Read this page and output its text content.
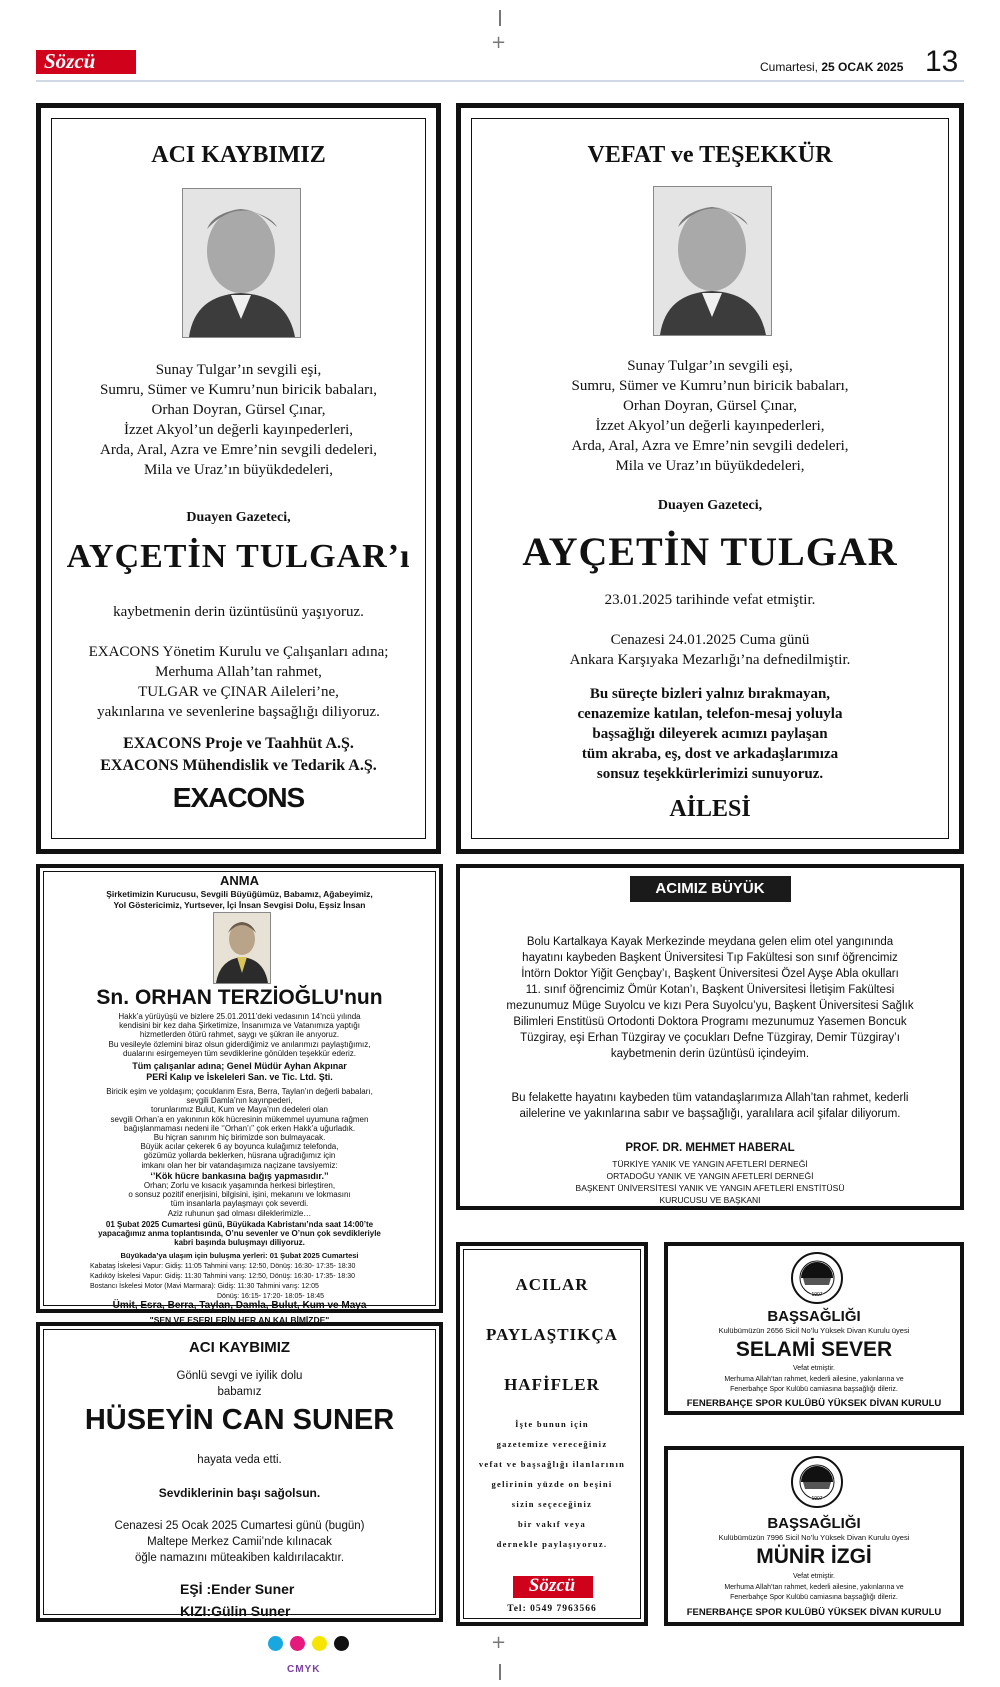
+
Sözcü	Cumartesi, 25 OCAK 2025 13
ACI KAYBIMIZ
Sunay Tulgar’ın sevgili eşi,
Sumru, Sümer ve Kumru’nun biricik babaları,
Orhan Doyran, Gürsel Çınar,
İzzet Akyol’un değerli kayınpederleri,
Arda, Aral, Azra ve Emre’nin sevgili dedeleri,
Mila ve Uraz’ın büyükdedeleri,
Duayen Gazeteci,
AYÇETİN TULGAR’ı
kaybetmenin derin üzüntüsünü yaşıyoruz.
EXACONS Yönetim Kurulu ve Çalışanları adına;
Merhuma Allah’tan rahmet,
TULGAR ve ÇINAR Aileleri’ne,
yakınlarına ve sevenlerine başsağlığı diliyoruz.
EXACONS Proje ve Taahhüt A.Ş.
EXACONS Mühendislik ve Tedarik A.Ş.
EXACONS
VEFAT ve TEŞEKKÜR
Sunay Tulgar’ın sevgili eşi,
Sumru, Sümer ve Kumru’nun biricik babaları,
Orhan Doyran, Gürsel Çınar,
İzzet Akyol’un değerli kayınpederleri,
Arda, Aral, Azra ve Emre’nin sevgili dedeleri,
Mila ve Uraz’ın büyükdedeleri,
Duayen Gazeteci,
AYÇETİN TULGAR
23.01.2025 tarihinde vefat etmiştir.
Cenazesi 24.01.2025 Cuma günü
Ankara Karşıyaka Mezarlığı’na defnedilmiştir.
Bu süreçte bizleri yalnız bırakmayan,
cenazemize katılan, telefon-mesaj yoluyla
başsağlığı dileyerek acımızı paylaşan
tüm akraba, eş, dost ve arkadaşlarımıza
sonsuz teşekkürlerimizi sunuyoruz.
AİLESİ
ANMA
Şirketimizin Kurucusu, Sevgili Büyüğümüz, Babamız, Ağabeyimiz,
Yol Göstericimiz, Yurtsever, İçi İnsan Sevgisi Dolu, Eşsiz İnsan
Sn. ORHAN TERZİOĞLU'nun
Hakk’a yürüyüşü ve bizlere 25.01.2011’deki vedasının 14’ncü yılında
kendisini bir kez daha Şirketimize, İnsanımıza ve Vatanımıza yaptığı
hizmetlerden ötürü rahmet, saygı ve şükran ile anıyoruz.
Bu vesileyle özlemini biraz olsun giderdiğimiz ve anılarımızı paylaştığımız,
dualarını esirgemeyen tüm sevdiklerine gönülden teşekkür ederiz.
Tüm çalışanlar adına; Genel Müdür Ayhan Akpınar
PERİ Kalıp ve İskeleleri San. ve Tic. Ltd. Şti.
Biricik eşim ve yoldaşım; çocuklarım Esra, Berra, Taylan’ın değerli babaları,
sevgili Damla’nın kayınpederi,
torunlarımız Bulut, Kum ve Maya’nın dedeleri olan
sevgili Orhan’a en yakınının kök hücresinin mükemmel uyumuna rağmen
bağışlanmaması nedeni ile ‘’Orhan’ı’’ çok erken Hakk’a uğurladık.
Bu hiçran sanırım hiç birimizde son bulmayacak.
Büyük acılar çekerek 6 ay boyunca kulağımız telefonda,
gözümüz yollarda beklerken, hüsrana uğradığımız için
imkanı olan her bir vatandaşımıza naçizane tavsiyemiz:
‘’Kök hücre bankasına bağış yapmasıdır.’’
Orhan; Zorlu ve kısacık yaşamında herkesi birleştiren,
o sonsuz pozitif enerjisini, bilgisini, işini, mekanını ve lokmasını
tüm insanlarla paylaşmayı çok severdi.
Aziz ruhunun şad olması dileklerimizle…
01 Şubat 2025 Cumartesi günü, Büyükada Kabristanı’nda saat 14:00’te
yapacağımız anma toplantısında, O’nu sevenler ve O’nun çok sevdikleriyle
kabri başında buluşmayı diliyoruz.
Büyükada’ya ulaşım için buluşma yerleri: 01 Şubat 2025 Cumartesi
Kabataş İskelesi Vapur: Gidiş: 11:05 Tahmini varış: 12:50, Dönüş: 16:30- 17:35- 18:30
Kadıköy İskelesi Vapur: Gidiş: 11:30 Tahmini varış: 12:50, Dönüş: 16:30- 17:35- 18:30
Bostancı İskelesi Motor (Mavi Marmara): Gidiş: 11:30 Tahmini varış: 12:05
Dönüş: 16:15- 17:20- 18:05- 18:45
Ümit, Esra, Berra, Taylan, Damla, Bulut, Kum ve Maya
"SEN VE ESERLERİN HER AN KALBİMİZDE"
ACIMIZ BÜYÜK
Bolu Kartalkaya Kayak Merkezinde meydana gelen elim otel yangınında
hayatını kaybeden Başkent Üniversitesi Tıp Fakültesi son sınıf öğrencimiz
İntörn Doktor Yiğit Gençbay’ı, Başkent Üniversitesi Özel Ayşe Abla okulları
11. sınıf öğrencimiz Ömür Kotan’ı, Başkent Üniversitesi İletişim Fakültesi
mezunumuz Müge Suyolcu ve kızı Pera Suyolcu’yu, Başkent Üniversitesi Sağlık
Bilimleri Enstitüsü Ortodonti Doktora Programı mezunumuz Yasemen Boncuk
Tüzgiray, eşi Erhan Tüzgiray ve çocukları Defne Tüzgiray, Demir Tüzgiray’ı
kaybetmenin derin üzüntüsü içindeyim.
Bu felakette hayatını kaybeden tüm vatandaşlarımıza Allah’tan rahmet, kederli
ailelerine ve yakınlarına sabır ve başsağlığı, yaralılara acil şifalar diliyorum.
PROF. DR. MEHMET HABERAL
TÜRKİYE YANIK VE YANGIN AFETLERİ DERNEĞİ
ORTADOĞU YANIK VE YANGIN AFETLERİ DERNEĞİ
BAŞKENT ÜNİVERSİTESİ YANIK VE YANGIN AFETLERİ ENSTİTÜSÜ
KURUCUSU VE BAŞKANI
ACI KAYBIMIZ
Gönlü sevgi ve iyilik dolu
babamız
HÜSEYİN CAN SUNER
hayata veda etti.
Sevdiklerinin başı sağolsun.
Cenazesi 25 Ocak 2025 Cumartesi günü (bugün)
Maltepe Merkez Camii’nde kılınacak
öğle namazını müteakiben kaldırılacaktır.
EŞİ :Ender Suner
KIZI:Gülin Suner
ACILAR
PAYLAŞTIKÇA
HAFİFLER
İşte bunun için
gazetemize vereceğiniz
vefat ve başsağlığı ilanlarının
gelirinin yüzde on beşini
sizin seçeceğiniz
bir vakıf veya
dernekle paylaşıyoruz.
Sözcü
Tel: 0549 7963566
1907
BAŞSAĞLIĞI
Kulübümüzün 2656 Sicil No’lu Yüksek Divan Kurulu üyesi
SELAMİ SEVER
Vefat etmiştir.
Merhuma Allah’tan rahmet, kederli ailesine, yakınlarına ve
Fenerbahçe Spor Kulübü camiasına başsağlığı dileriz.
FENERBAHÇE SPOR KULÜBÜ YÜKSEK DİVAN KURULU
1907
BAŞSAĞLIĞI
Kulübümüzün 7996 Sicil No’lu Yüksek Divan Kurulu üyesi
MÜNİR İZGİ
Vefat etmiştir.
Merhuma Allah’tan rahmet, kederli ailesine, yakınlarına ve
Fenerbahçe Spor Kulübü camiasına başsağlığı dileriz.
FENERBAHÇE SPOR KULÜBÜ YÜKSEK DİVAN KURULU
CMYK
+
